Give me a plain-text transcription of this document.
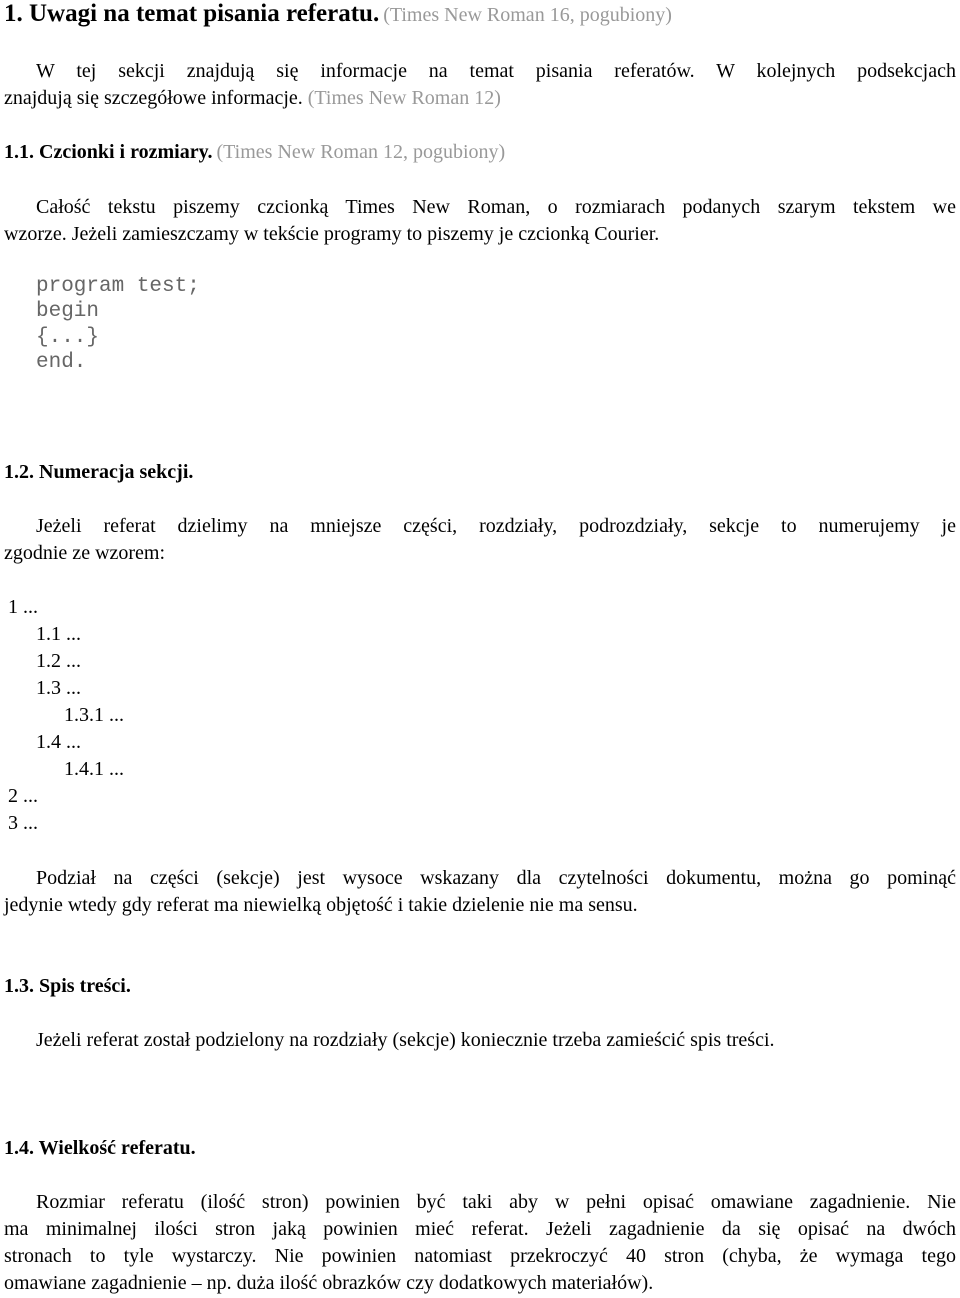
1. Uwagi na temat pisania referatu. (Times New Roman 16, pogubiony)
W tej sekcji znajdują się informacje na temat pisania referatów. W kolejnych podsekcjach
znajdują się szczegółowe informacje. (Times New Roman 12)
1.1. Czcionki i rozmiary. (Times New Roman 12, pogubiony)
Całość tekstu piszemy czcionką Times New Roman, o rozmiarach podanych szarym tekstem we
wzorze. Jeżeli zamieszczamy w tekście programy to piszemy je czcionką Courier.
program test;
begin
{...}
end.
1.2. Numeracja sekcji.
Jeżeli referat dzielimy na mniejsze części, rozdziały, podrozdziały, sekcje to numerujemy je
zgodnie ze wzorem:
1 ...
1.1 ...
1.2 ...
1.3 ...
1.3.1 ...
1.4 ...
1.4.1 ...
2 ...
3 ...
Podział na części (sekcje) jest wysoce wskazany dla czytelności dokumentu, można go pominąć
jedynie wtedy gdy referat ma niewielką objętość i takie dzielenie nie ma sensu.
1.3. Spis treści.
Jeżeli referat został podzielony na rozdziały (sekcje) koniecznie trzeba zamieścić spis treści.
1.4. Wielkość referatu.
Rozmiar referatu (ilość stron) powinien być taki aby w pełni opisać omawiane zagadnienie. Nie
ma minimalnej ilości stron jaką powinien mieć referat. Jeżeli zagadnienie da się opisać na dwóch
stronach to tyle wystarczy. Nie powinien natomiast przekroczyć 40 stron (chyba, że wymaga tego
omawiane zagadnienie – np. duża ilość obrazków czy dodatkowych materiałów).
